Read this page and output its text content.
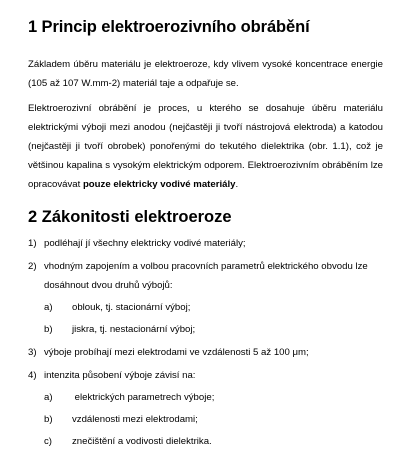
1 Princip elektroerozivního obrábění

Základem úběru materiálu je elektroeroze, kdy vlivem vysoké koncentrace energie (105 až 107 W.mm-2) materiál taje a odpařuje se.

Elektroerozivní obrábění je proces, u kterého se dosahuje úběru materiálu elektrickými výboji mezi anodou (nejčastěji ji tvoří nástrojová elektroda) a katodou (nejčastěji ji tvoří obrobek) ponořenými do tekutého dielektrika (obr. 1.1), což je většinou kapalina s vysokým elektrickým odporem. Elektroerozivním obráběním lze opracovávat pouze elektricky vodivé materiály.

2 Zákonitosti elektroeroze
1) podléhají jí všechny elektricky vodivé materiály;
2) vhodným zapojením a volbou pracovních parametrů elektrického obvodu lze dosáhnout dvou druhů výbojů:
a) oblouk, tj. stacionární výboj;
b) jiskra, tj. nestacionární výboj;
3) výboje probíhají mezi elektrodami ve vzdálenosti 5 až 100 μm;
4) intenzita působení výboje závisí na:
a) elektrických parametrech výboje;
b) vzdálenosti mezi elektrodami;
c) znečištění a vodivosti dielektrika.
